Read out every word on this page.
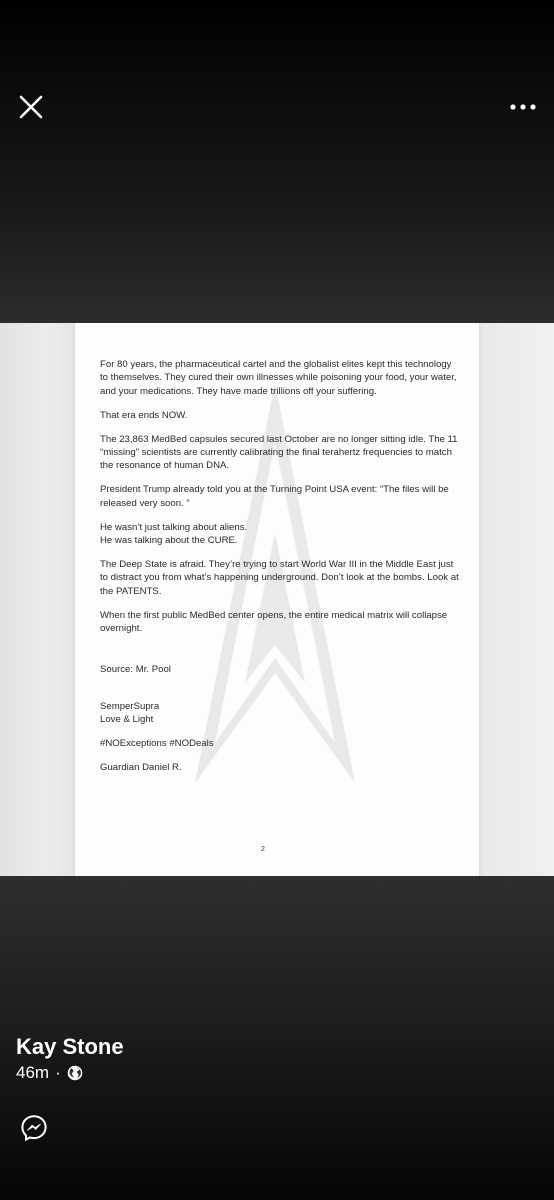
For 80 years, the pharmaceutical cartel and the globalist elites kept this technology to themselves. They cured their own illnesses while poisoning your food, your water, and your medications. They have made trillions off your suffering.

That era ends NOW.

The 23,863 MedBed capsules secured last October are no longer sitting idle. The 11 “missing” scientists are currently calibrating the final terahertz frequencies to match the resonance of human DNA.

President Trump already told you at the Turning Point USA event: “The files will be released very soon. ”

He wasn’t just talking about aliens.
He was talking about the CURE.

The Deep State is afraid. They’re trying to start World War III in the Middle East just to distract you from what’s happening underground. Don’t look at the bombs. Look at the PATENTS.

When the first public MedBed center opens, the entire medical matrix will collapse overnight.

Source: Mr. Pool

SemperSupra
Love & Light

#NOExceptions #NODeals

Guardian Daniel R.

2
Kay Stone
46m ·
